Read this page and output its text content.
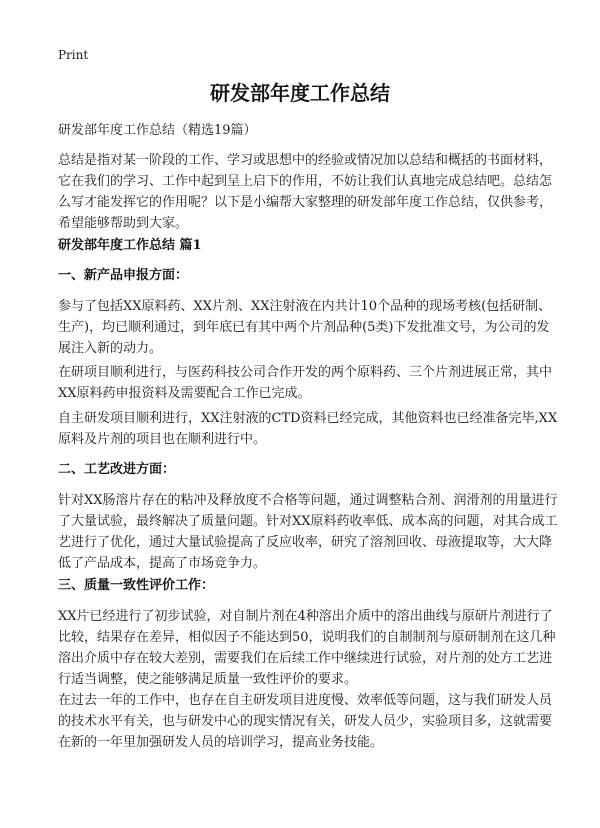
Print
研发部年度工作总结
研发部年度工作总结（精选19篇）
总结是指对某一阶段的工作、学习或思想中的经验或情况加以总结和概括的书面材料，它在我们的学习、工作中起到呈上启下的作用，不妨让我们认真地完成总结吧。总结怎么写才能发挥它的作用呢？以下是小编帮大家整理的研发部年度工作总结，仅供参考，希望能够帮助到大家。
研发部年度工作总结 篇1
一、新产品申报方面：
参与了包括XX原料药、XX片剂、XX注射液在内共计10个品种的现场考核(包括研制、生产)，均已顺利通过，到年底已有其中两个片剂品种(5类)下发批准文号，为公司的发展注入新的动力。
在研项目顺利进行，与医药科技公司合作开发的两个原料药、三个片剂进展正常，其中XX原料药申报资料及需要配合工作已完成。
自主研发项目顺利进行，XX注射液的CTD资料已经完成，其他资料也已经准备完毕,XX原料及片剂的项目也在顺利进行中。
二、工艺改进方面：
针对XX肠溶片存在的粘冲及释放度不合格等问题，通过调整粘合剂、润滑剂的用量进行了大量试验，最终解决了质量问题。针对XX原料药收率低、成本高的问题，对其合成工艺进行了优化，通过大量试验提高了反应收率，研究了溶剂回收、母液提取等，大大降低了产品成本，提高了市场竞争力。
三、质量一致性评价工作：
XX片已经进行了初步试验，对自制片剂在4种溶出介质中的溶出曲线与原研片剂进行了比较，结果存在差异，相似因子不能达到50，说明我们的自制制剂与原研制剂在这几种溶出介质中存在较大差别，需要我们在后续工作中继续进行试验，对片剂的处方工艺进行适当调整，使之能够满足质量一致性评价的要求。
在过去一年的工作中，也存在自主研发项目进度慢、效率低等问题，这与我们研发人员的技术水平有关，也与研发中心的现实情况有关，研发人员少，实验项目多，这就需要在新的一年里加强研发人员的培训学习，提高业务技能。
